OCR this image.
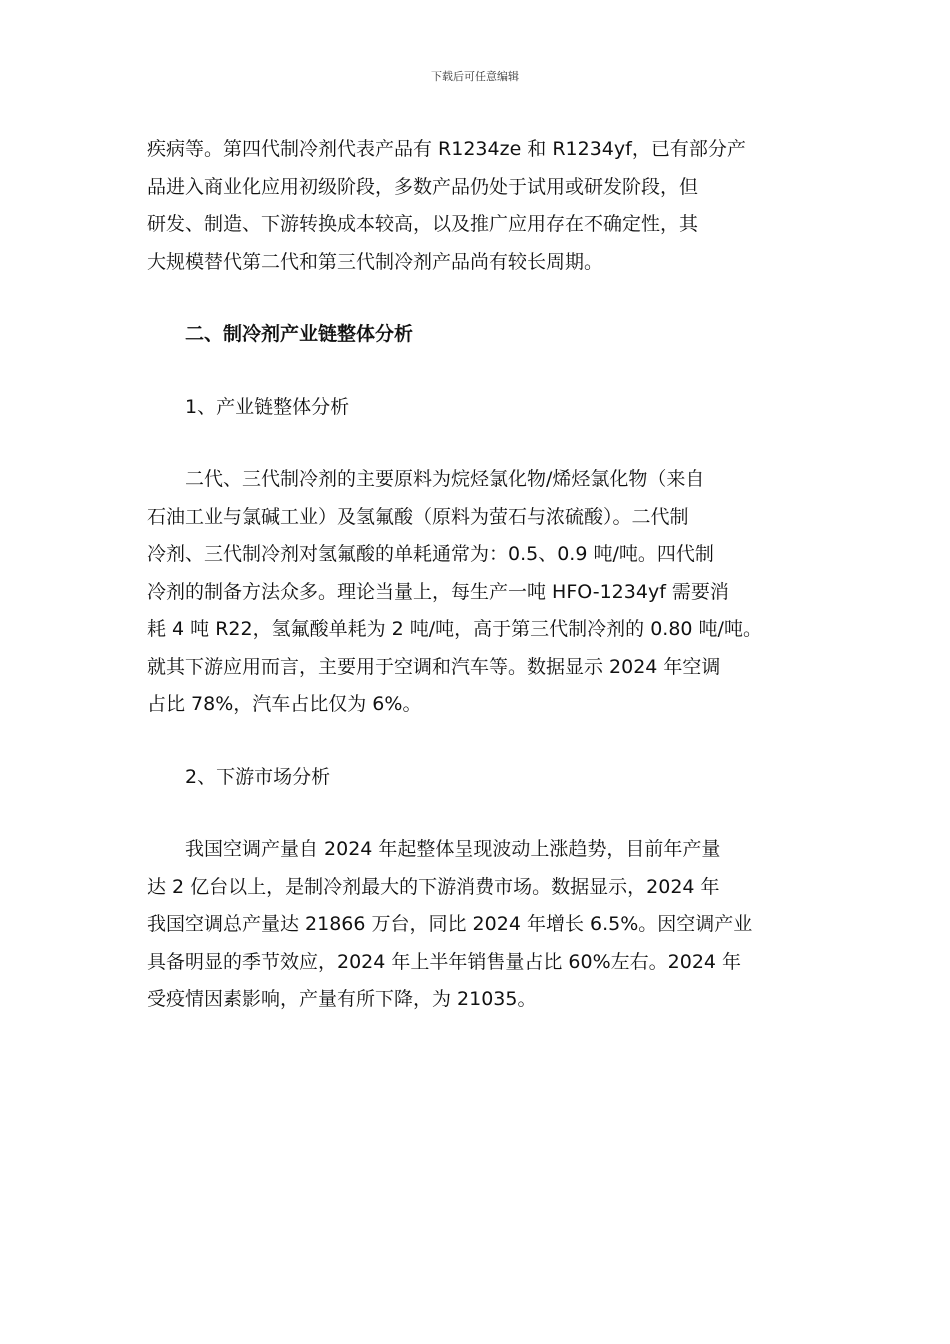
下载后可任意编辑

疾病等。第四代制冷剂代表产品有 R1234ze 和 R1234yf，已有部分产

品进入商业化应用初级阶段，多数产品仍处于试用或研发阶段，但

研发、制造、下游转换成本较高，以及推广应用存在不确定性，其

大规模替代第二代和第三代制冷剂产品尚有较长周期。

二、制冷剂产业链整体分析

1、产业链整体分析

二代、三代制冷剂的主要原料为烷烃氯化物/烯烃氯化物（来自

石油工业与氯碱工业）及氢氟酸（原料为萤石与浓硫酸）。二代制

冷剂、三代制冷剂对氢氟酸的单耗通常为：0.5、0.9 吨/吨。四代制

冷剂的制备方法众多。理论当量上，每生产一吨 HFO-1234yf 需要消

耗 4 吨 R22，氢氟酸单耗为 2 吨/吨，高于第三代制冷剂的 0.80 吨/吨。

就其下游应用而言，主要用于空调和汽车等。数据显示 2024 年空调

占比 78%，汽车占比仅为 6%。

2、下游市场分析

我国空调产量自 2024 年起整体呈现波动上涨趋势，目前年产量

达 2 亿台以上，是制冷剂最大的下游消费市场。数据显示，2024 年

我国空调总产量达 21866 万台，同比 2024 年增长 6.5%。因空调产业

具备明显的季节效应，2024 年上半年销售量占比 60%左右。2024 年

受疫情因素影响，产量有所下降，为 21035。
